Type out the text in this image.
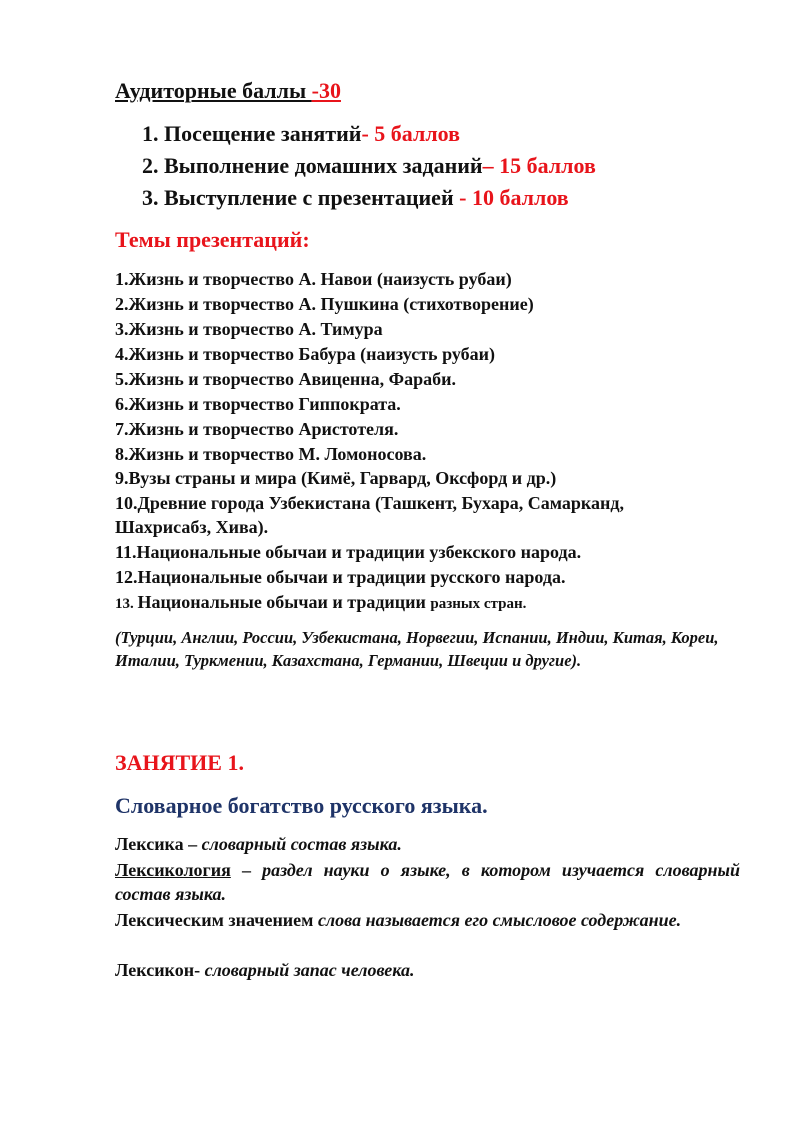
Аудиторные баллы -30
1. Посещение занятий- 5 баллов
2. Выполнение домашних заданий– 15 баллов
3. Выступление с презентацией - 10 баллов
Темы презентаций:
1.Жизнь и творчество А. Навои (наизусть рубаи)
2.Жизнь и творчество А. Пушкина (стихотворение)
3.Жизнь и творчество А. Тимура
4.Жизнь и творчество Бабура (наизусть рубаи)
5.Жизнь и творчество Авиценна, Фараби.
6.Жизнь и творчество Гиппократа.
7.Жизнь и творчество Аристотеля.
8.Жизнь и творчество М. Ломоносова.
9.Вузы страны и мира (Кимё, Гарвард, Оксфорд и др.)
10.Древние города Узбекистана (Ташкент, Бухара, Самарканд,
Шахрисабз, Хива).
11.Национальные обычаи и традиции узбекского народа.
12.Национальные обычаи и традиции русского народа.
13. Национальные обычаи и традиции разных стран.
(Турции, Англии, России, Узбекистана, Норвегии, Испании, Индии, Китая, Кореи, Италии, Туркмении, Казахстана, Германии, Швеции и другие).
ЗАНЯТИЕ 1.
Словарное богатство русского языка.
Лексика – словарный состав языка.
Лексикология – раздел науки о языке, в котором изучается словарный состав языка.
Лексическим значением слова называется его смысловое содержание.
Лексикон- словарный запас человека.
